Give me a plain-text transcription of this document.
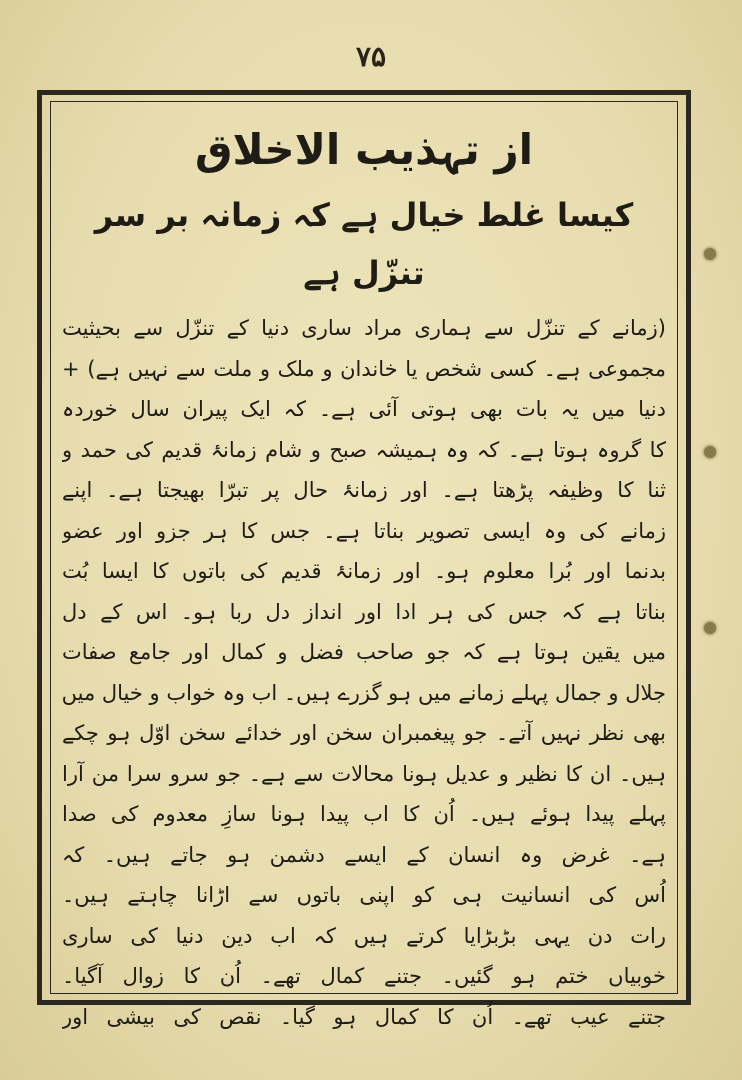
۷۵
از تہذیب الاخلاق
کیسا غلط خیال ہے کہ زمانہ بر سر تنزّل ہے
(زمانے کے تنزّل سے ہماری مراد ساری دنیا کے تنزّل سے بحیثیت
مجموعی ہے۔ کسی شخص یا خاندان و ملک و ملت سے نہیں ہے) +
دنیا میں یہ بات بھی ہوتی آئی ہے۔ کہ ایک پیران سال خوردہ
کا گروہ ہوتا ہے۔ کہ وہ ہمیشہ صبح و شام زمانۂ قدیم کی حمد و
ثنا کا وظیفہ پڑھتا ہے۔ اور زمانۂ حال پر تبرّا بھیجتا ہے۔ اپنے
زمانے کی وہ ایسی تصویر بناتا ہے۔ جس کا ہر جزو اور عضو
بدنما اور بُرا معلوم ہو۔ اور زمانۂ قدیم کی باتوں کا ایسا بُت
بناتا ہے کہ جس کی ہر ادا اور انداز دل ربا ہو۔ اس کے دل
میں یقین ہوتا ہے کہ جو صاحب فضل و کمال اور جامع صفات
جلال و جمال پہلے زمانے میں ہو گزرے ہیں۔ اب وہ خواب و خیال میں
بھی نظر نہیں آتے۔ جو پیغمبران سخن اور خدائے سخن اوّل ہو چکے
ہیں۔ ان کا نظیر و عدیل ہونا محالات سے ہے۔ جو سرو سرا من آرا
پہلے پیدا ہوئے ہیں۔ اُن کا اب پیدا ہونا سازِ معدوم کی صدا
ہے۔ غرض وہ انسان کے ایسے دشمن ہو جاتے ہیں۔ کہ
اُس کی انسانیت ہی کو اپنی باتوں سے اڑانا چاہتے ہیں۔
رات دن یہی بڑبڑایا کرتے ہیں کہ اب دین دنیا کی ساری
خوبیاں ختم ہو گئیں۔ جتنے کمال تھے۔ اُن کا زوال آگیا۔
جتنے عیب تھے۔ اُن کا کمال ہو گیا۔ نقص کی بیشی اور
